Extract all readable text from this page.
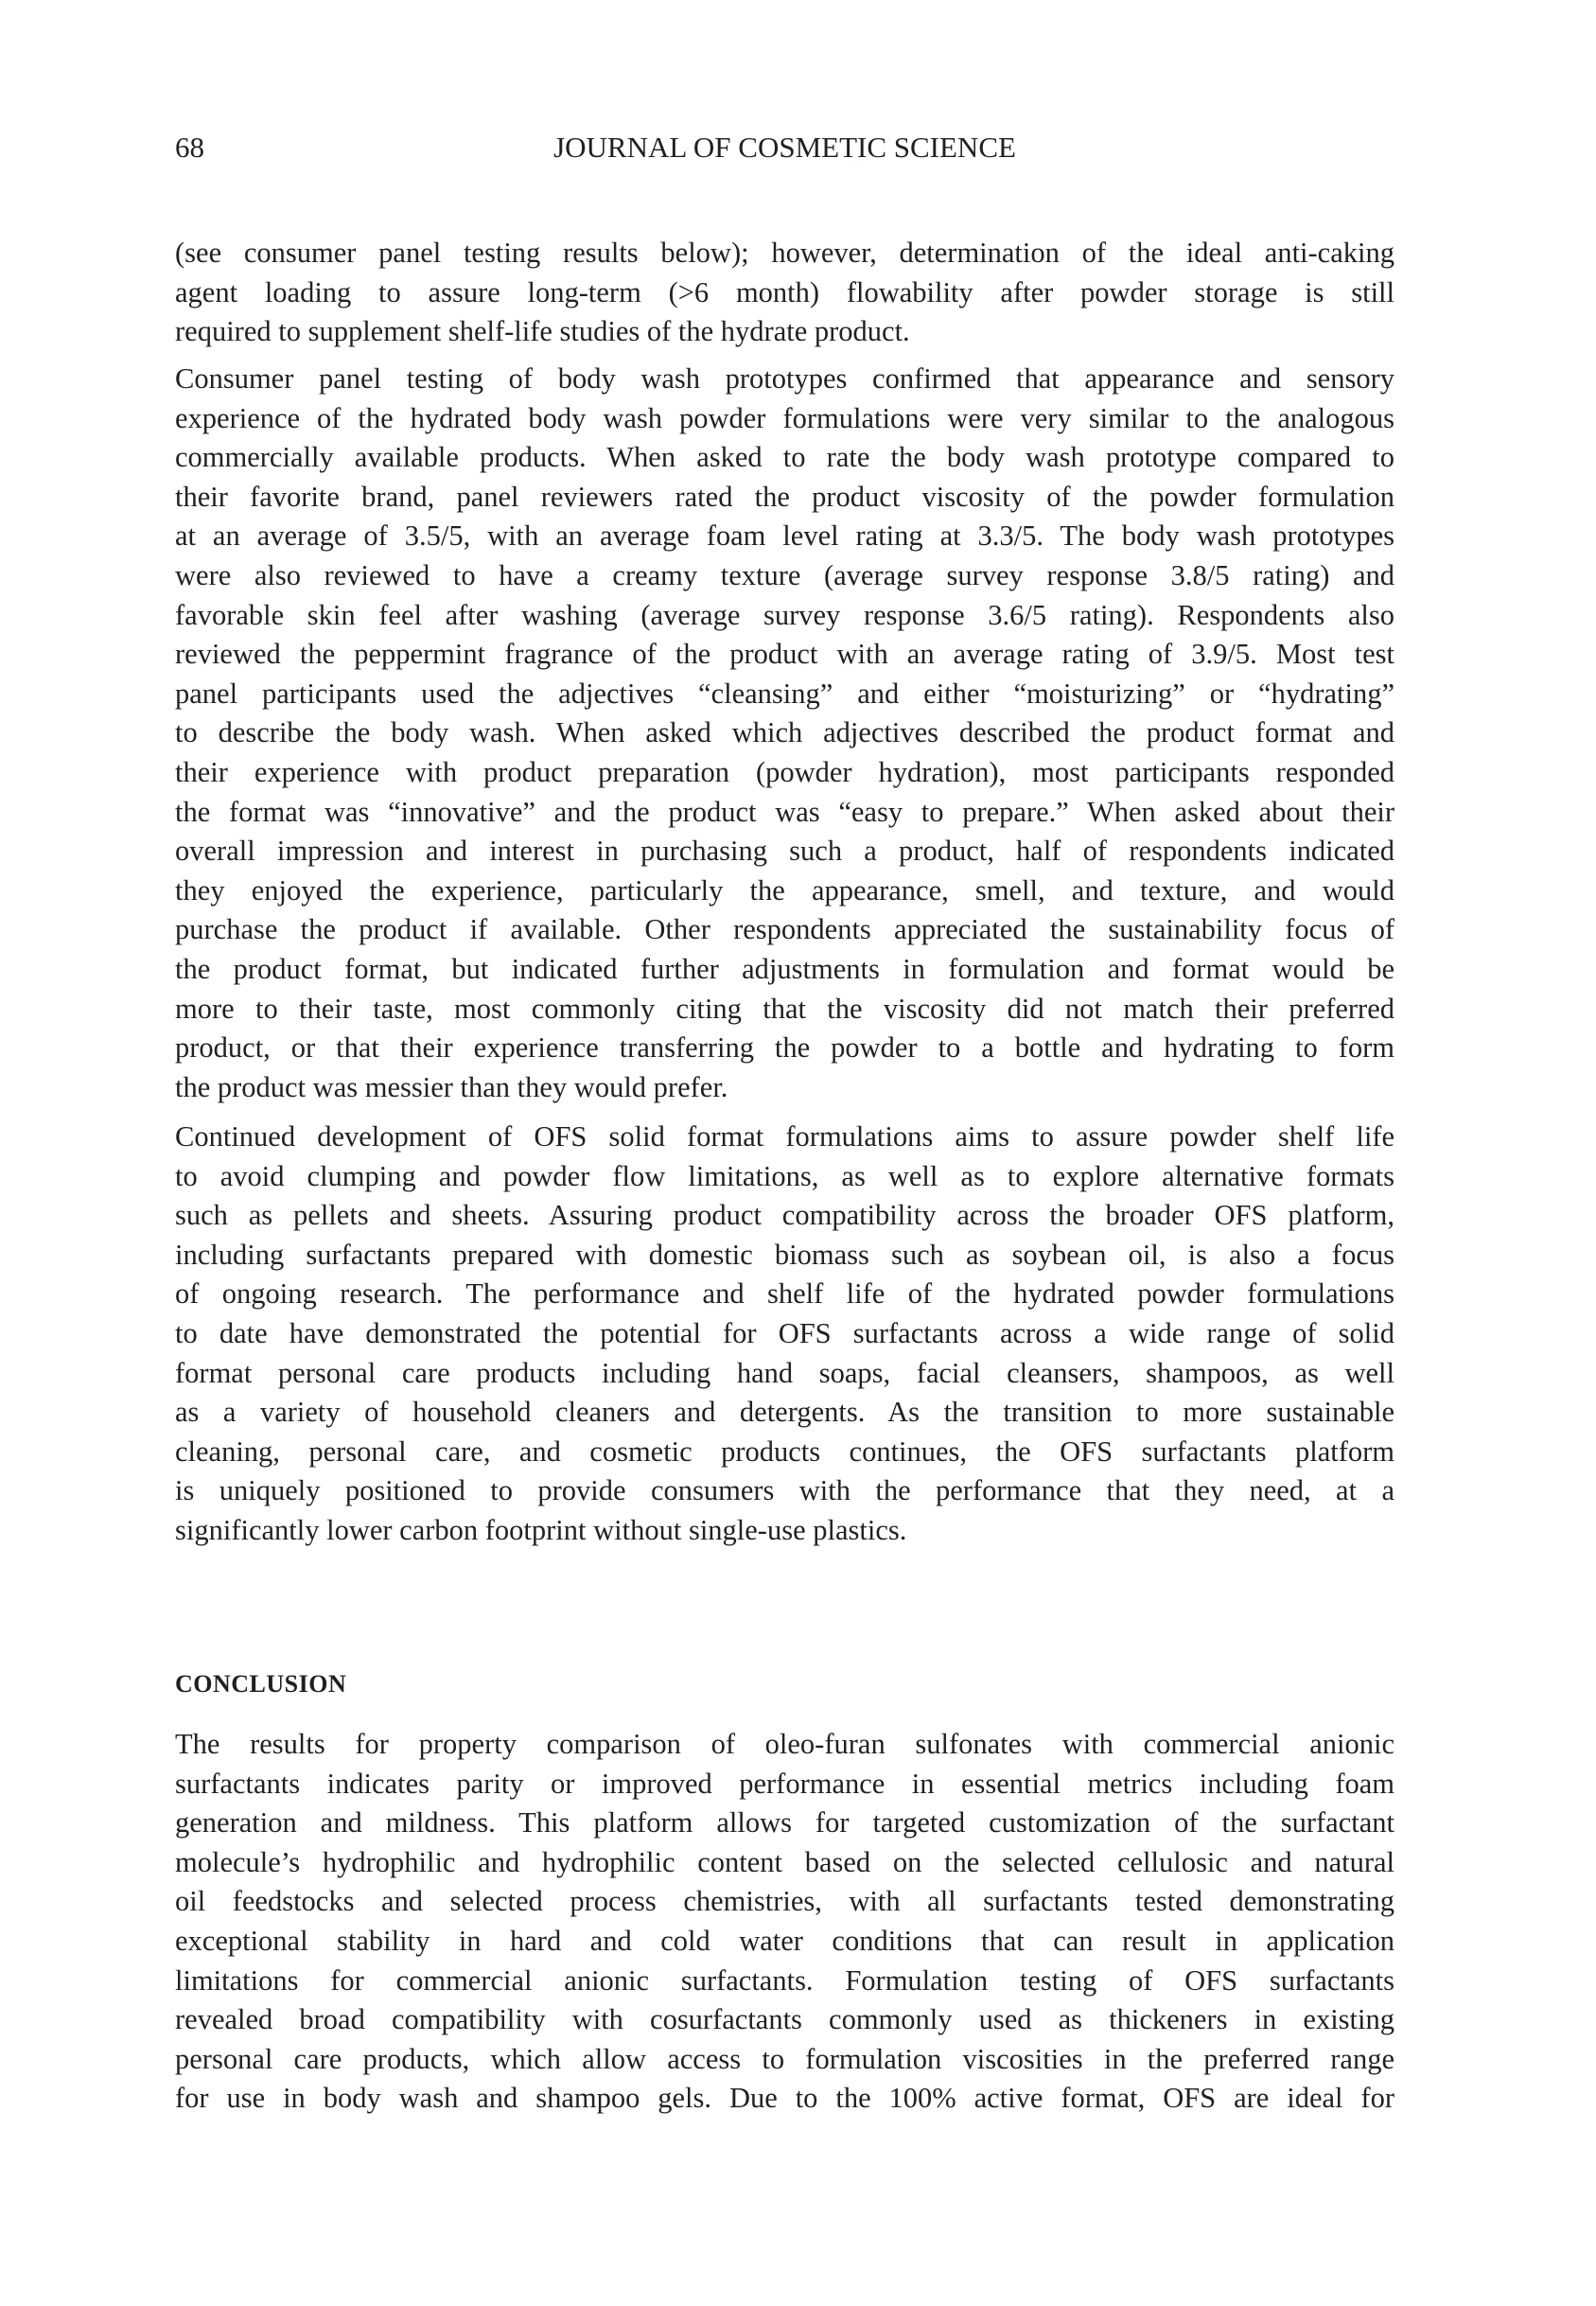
68	JOURNAL OF COSMETIC SCIENCE
(see consumer panel testing results below); however, determination of the ideal anti-caking
agent loading to assure long-term (>6 month) flowability after powder storage is still
required to supplement shelf-life studies of the hydrate product.
Consumer panel testing of body wash prototypes confirmed that appearance and sensory
experience of the hydrated body wash powder formulations were very similar to the analogous
commercially available products. When asked to rate the body wash prototype compared to
their favorite brand, panel reviewers rated the product viscosity of the powder formulation
at an average of 3.5/5, with an average foam level rating at 3.3/5. The body wash prototypes
were also reviewed to have a creamy texture (average survey response 3.8/5 rating) and
favorable skin feel after washing (average survey response 3.6/5 rating). Respondents also
reviewed the peppermint fragrance of the product with an average rating of 3.9/5. Most test
panel participants used the adjectives “cleansing” and either “moisturizing” or “hydrating”
to describe the body wash. When asked which adjectives described the product format and
their experience with product preparation (powder hydration), most participants responded
the format was “innovative” and the product was “easy to prepare.” When asked about their
overall impression and interest in purchasing such a product, half of respondents indicated
they enjoyed the experience, particularly the appearance, smell, and texture, and would
purchase the product if available. Other respondents appreciated the sustainability focus of
the product format, but indicated further adjustments in formulation and format would be
more to their taste, most commonly citing that the viscosity did not match their preferred
product, or that their experience transferring the powder to a bottle and hydrating to form
the product was messier than they would prefer.
Continued development of OFS solid format formulations aims to assure powder shelf life
to avoid clumping and powder flow limitations, as well as to explore alternative formats
such as pellets and sheets. Assuring product compatibility across the broader OFS platform,
including surfactants prepared with domestic biomass such as soybean oil, is also a focus
of ongoing research. The performance and shelf life of the hydrated powder formulations
to date have demonstrated the potential for OFS surfactants across a wide range of solid
format personal care products including hand soaps, facial cleansers, shampoos, as well
as a variety of household cleaners and detergents. As the transition to more sustainable
cleaning, personal care, and cosmetic products continues, the OFS surfactants platform
is uniquely positioned to provide consumers with the performance that they need, at a
significantly lower carbon footprint without single-use plastics.
CONCLUSION
The results for property comparison of oleo-furan sulfonates with commercial anionic
surfactants indicates parity or improved performance in essential metrics including foam
generation and mildness. This platform allows for targeted customization of the surfactant
molecule’s hydrophilic and hydrophilic content based on the selected cellulosic and natural
oil feedstocks and selected process chemistries, with all surfactants tested demonstrating
exceptional stability in hard and cold water conditions that can result in application
limitations for commercial anionic surfactants. Formulation testing of OFS surfactants
revealed broad compatibility with cosurfactants commonly used as thickeners in existing
personal care products, which allow access to formulation viscosities in the preferred range
for use in body wash and shampoo gels. Due to the 100% active format, OFS are ideal for
